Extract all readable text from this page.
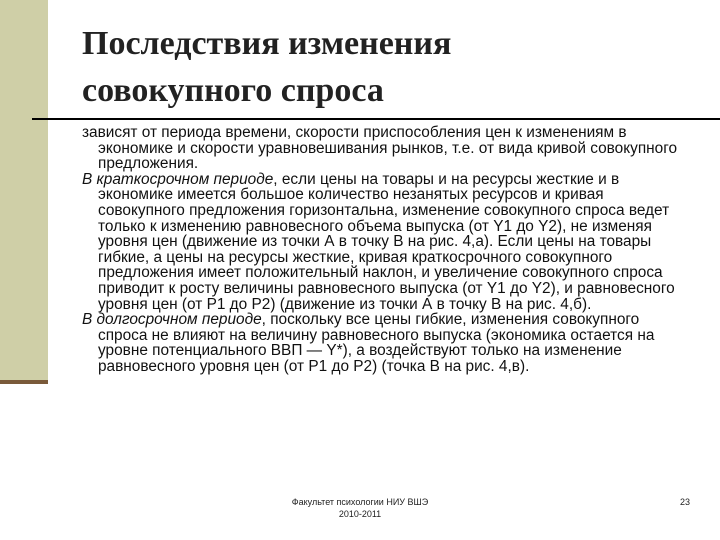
Последствия изменения
совокупного спроса

зависят от периода времени, скорости приспособления цен к изменениям в экономике и скорости уравновешивания рынков, т.е. от вида кривой совокупного предложения.

В краткосрочном периоде, если цены на товары и на ресурсы жесткие и в экономике имеется большое количество незанятых ресурсов и кривая совокупного предложения горизонтальна, изменение совокупного спроса ведет только к изменению равновесного объема выпуска (от Y1 до Y2), не изменяя уровня цен (движение из точки А в точку В на рис. 4,а). Если цены на товары гибкие, а цены на ресурсы жесткие, кривая краткосрочного совокупного предложения имеет положительный наклон, и увеличение совокупного спроса приводит к росту величины равновесного выпуска (от Y1 до Y2), и равновесного уровня цен (от Р1 до Р2) (движение из точки А в точку В на рис. 4,б).

В долгосрочном периоде, поскольку все цены гибкие, изменения совокупного спроса не влияют на величину равновесного выпуска (экономика остается на уровне потенциального ВВП — Y*), а воздействуют только на изменение равновесного уровня цен (от Р1 до Р2) (точка В на рис. 4,в).

Факультет психологии НИУ ВШЭ
2010-2011
23
